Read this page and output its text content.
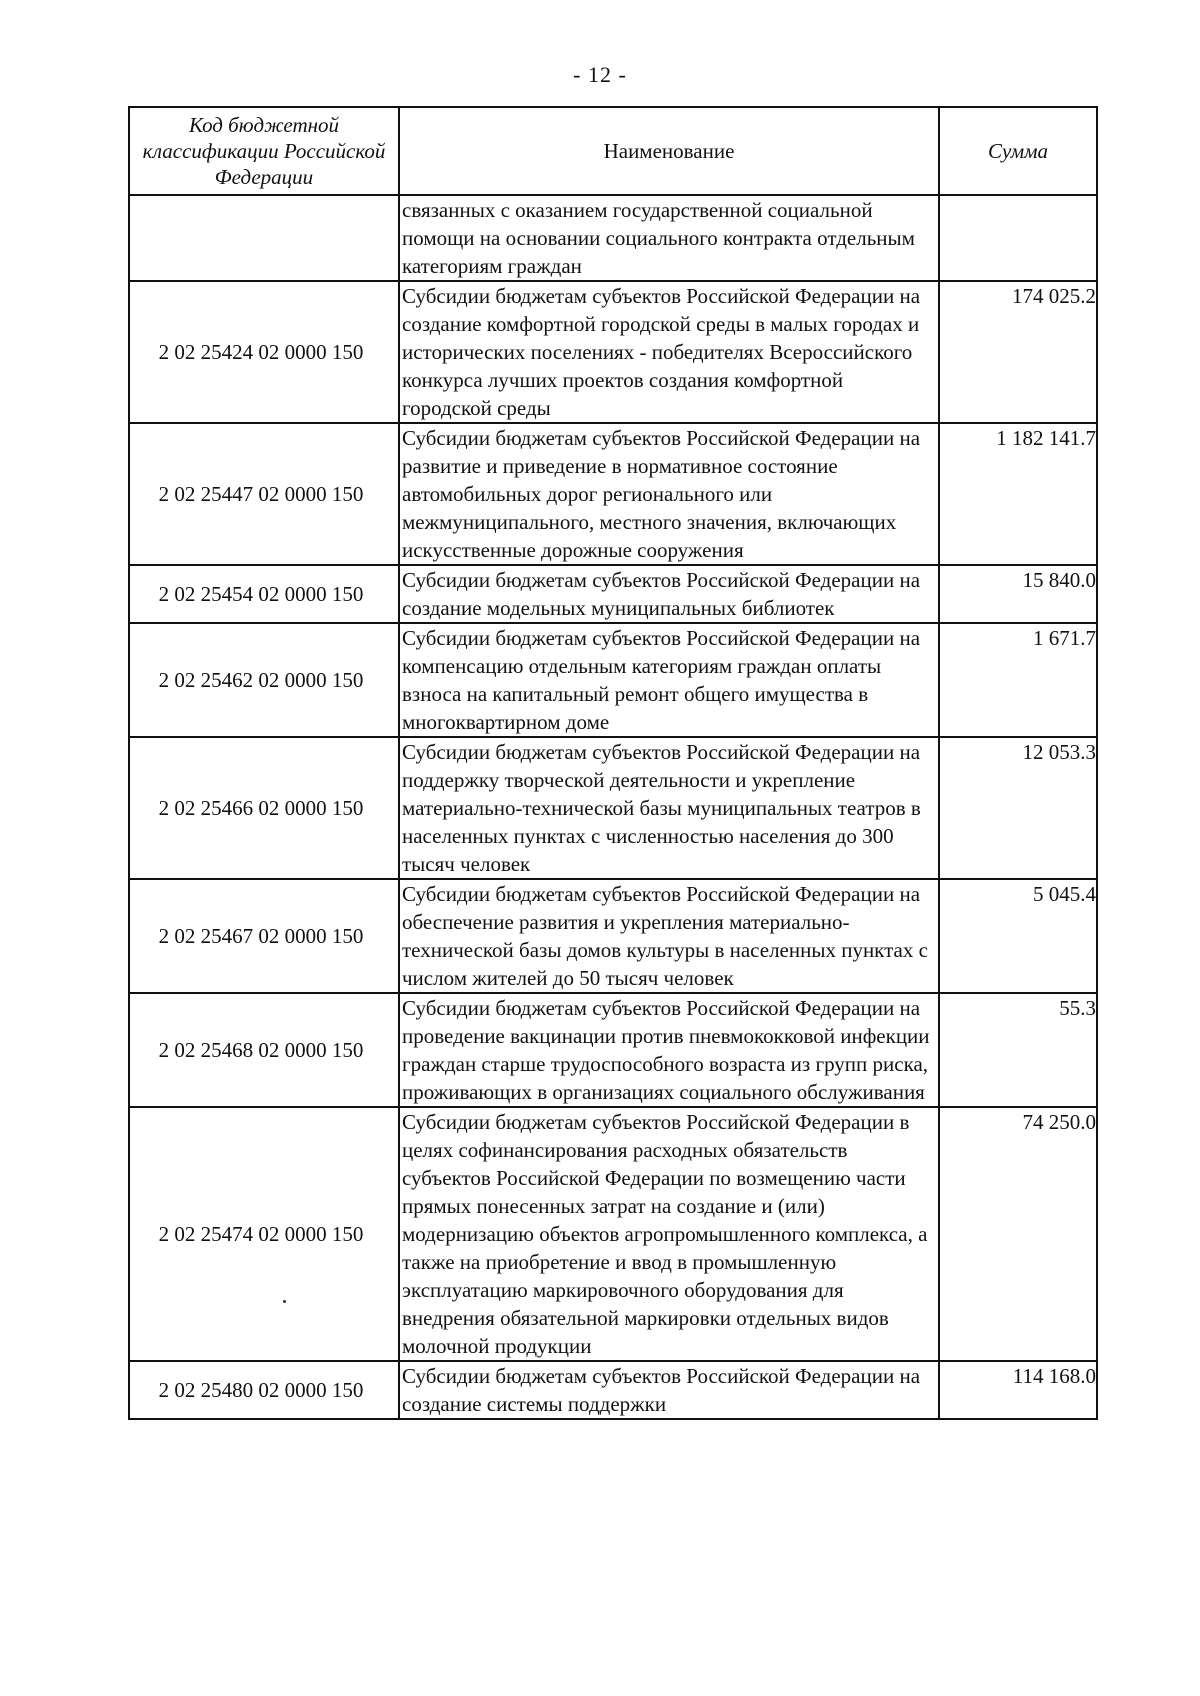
- 12 -
Код бюджетной классификации Российской Федерации	Наименование	Сумма
	связанных с оказанием государственной социальной помощи на основании социального контракта отдельным категориям граждан	
2 02 25424 02 0000 150	Субсидии бюджетам субъектов Российской Федерации на создание комфортной городской среды в малых городах и исторических поселениях - победителях Всероссийского конкурса лучших проектов создания комфортной городской среды	174 025.2
2 02 25447 02 0000 150	Субсидии бюджетам субъектов Российской Федерации на развитие и приведение в нормативное состояние автомобильных дорог регионального или межмуниципального, местного значения, включающих искусственные дорожные сооружения	1 182 141.7
2 02 25454 02 0000 150	Субсидии бюджетам субъектов Российской Федерации на создание модельных муниципальных библиотек	15 840.0
2 02 25462 02 0000 150	Субсидии бюджетам субъектов Российской Федерации на компенсацию отдельным категориям граждан оплаты взноса на капитальный ремонт общего имущества в многоквартирном доме	1 671.7
2 02 25466 02 0000 150	Субсидии бюджетам субъектов Российской Федерации на поддержку творческой деятельности и укрепление материально-технической базы муниципальных театров в населенных пунктах с численностью населения до 300 тысяч человек	12 053.3
2 02 25467 02 0000 150	Субсидии бюджетам субъектов Российской Федерации на обеспечение развития и укрепления материально-технической базы домов культуры в населенных пунктах с числом жителей до 50 тысяч человек	5 045.4
2 02 25468 02 0000 150	Субсидии бюджетам субъектов Российской Федерации на проведение вакцинации против пневмококковой инфекции граждан старше трудоспособного возраста из групп риска, проживающих в организациях социального обслуживания	55.3
2 02 25474 02 0000 150	Субсидии бюджетам субъектов Российской Федерации в целях софинансирования расходных обязательств субъектов Российской Федерации по возмещению части прямых понесенных затрат на создание и (или) модернизацию объектов агропромышленного комплекса, а также на приобретение и ввод в промышленную эксплуатацию маркировочного оборудования для внедрения обязательной маркировки отдельных видов молочной продукции	74 250.0
2 02 25480 02 0000 150	Субсидии бюджетам субъектов Российской Федерации на создание системы поддержки	114 168.0
